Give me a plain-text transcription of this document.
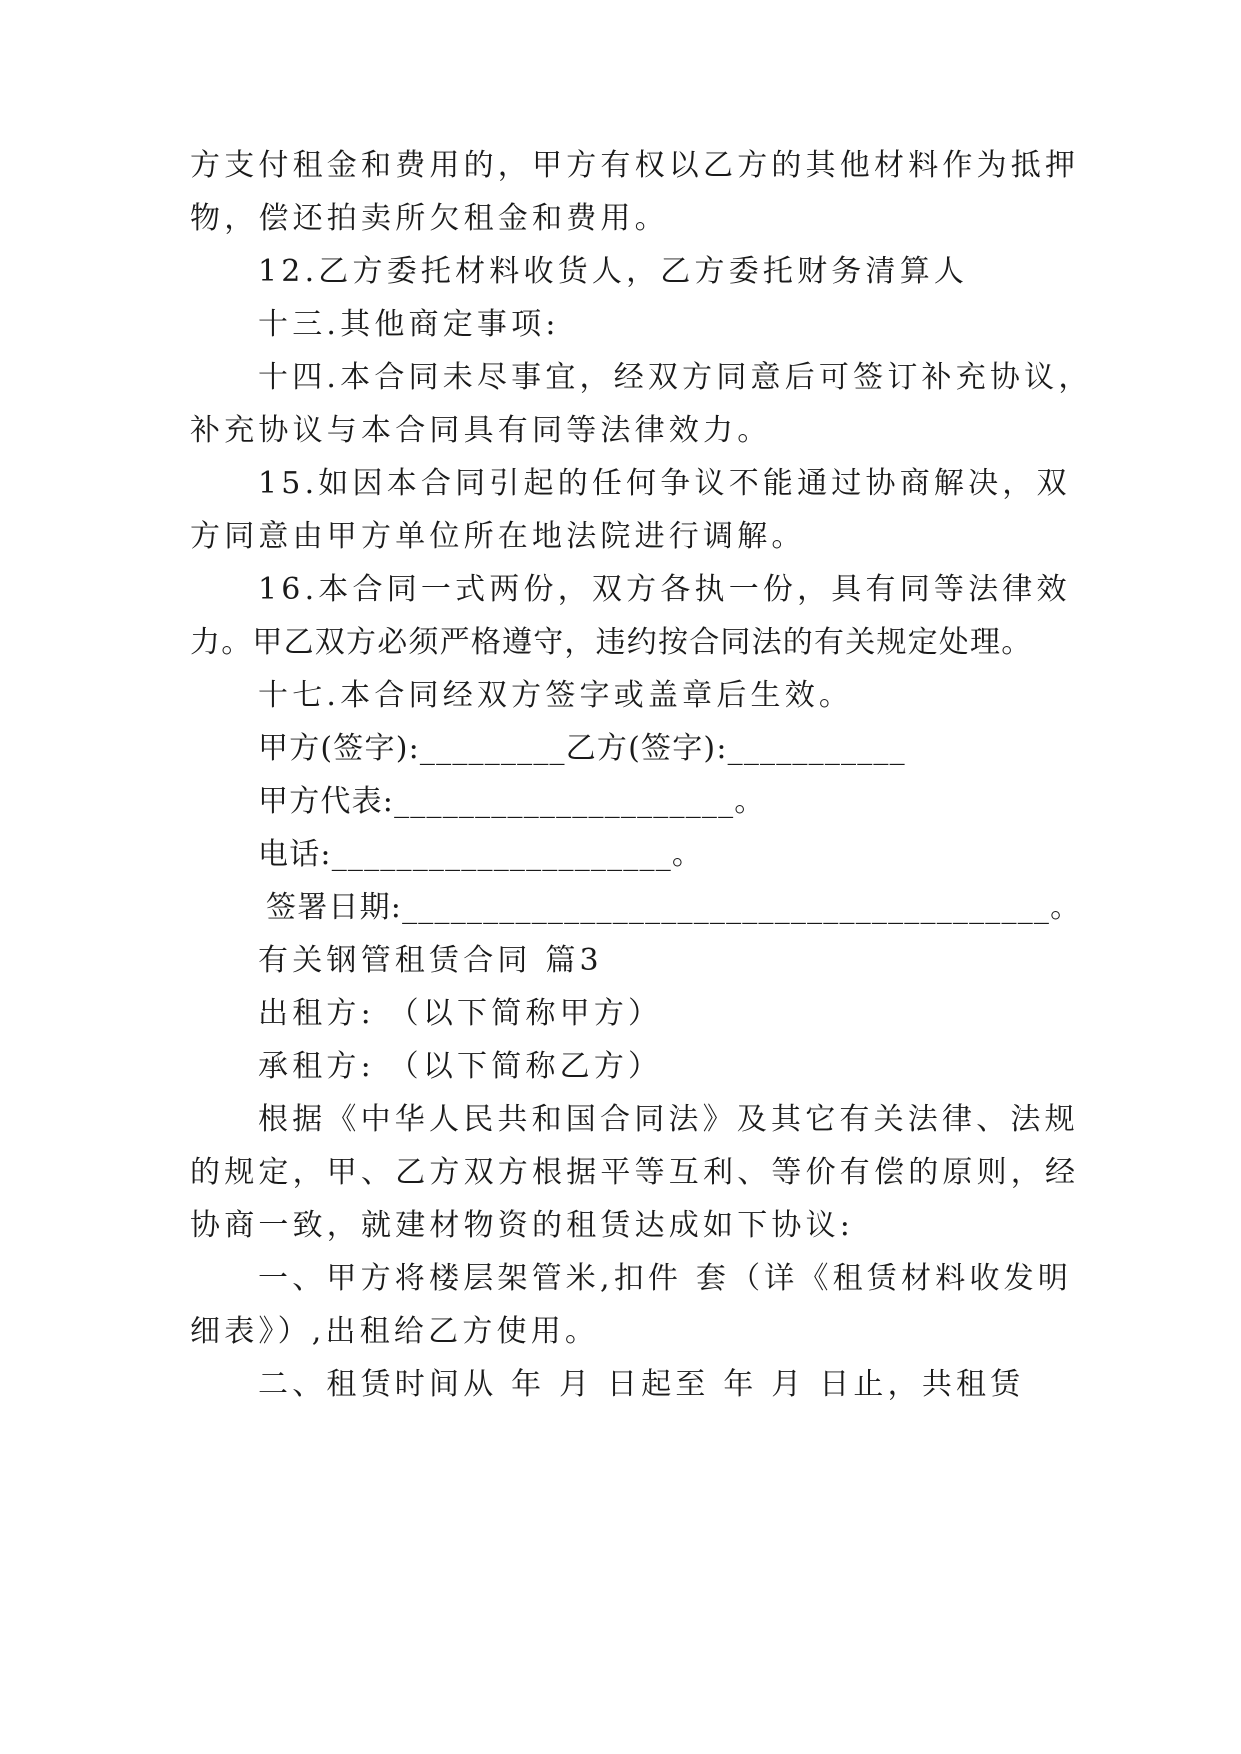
方支付租金和费用的，甲方有权以乙方的其他材料作为抵押
物，偿还拍卖所欠租金和费用。
12.乙方委托材料收货人，乙方委托财务清算人
十三.其他商定事项:
十四.本合同未尽事宜，经双方同意后可签订补充协议，
补充协议与本合同具有同等法律效力。
15.如因本合同引起的任何争议不能通过协商解决，双
方同意由甲方单位所在地法院进行调解。
16.本合同一式两份，双方各执一份，具有同等法律效
力。甲乙双方必须严格遵守，违约按合同法的有关规定处理。
十七.本合同经双方签字或盖章后生效。
甲方(签字):_________乙方(签字):___________
甲方代表:_____________________。
电话:_____________________。
签署日期:________________________________________。
有关钢管租赁合同 篇3
出租方: （以下简称甲方）
承租方: （以下简称乙方）
根据《中华人民共和国合同法》及其它有关法律、法规
的规定，甲、乙方双方根据平等互利、等价有偿的原则，经
协商一致，就建材物资的租赁达成如下协议:
一、甲方将楼层架管米,扣件 套（详《租赁材料收发明
细表》）,出租给乙方使用。
二、租赁时间从 年 月 日起至 年 月 日止，共租赁
